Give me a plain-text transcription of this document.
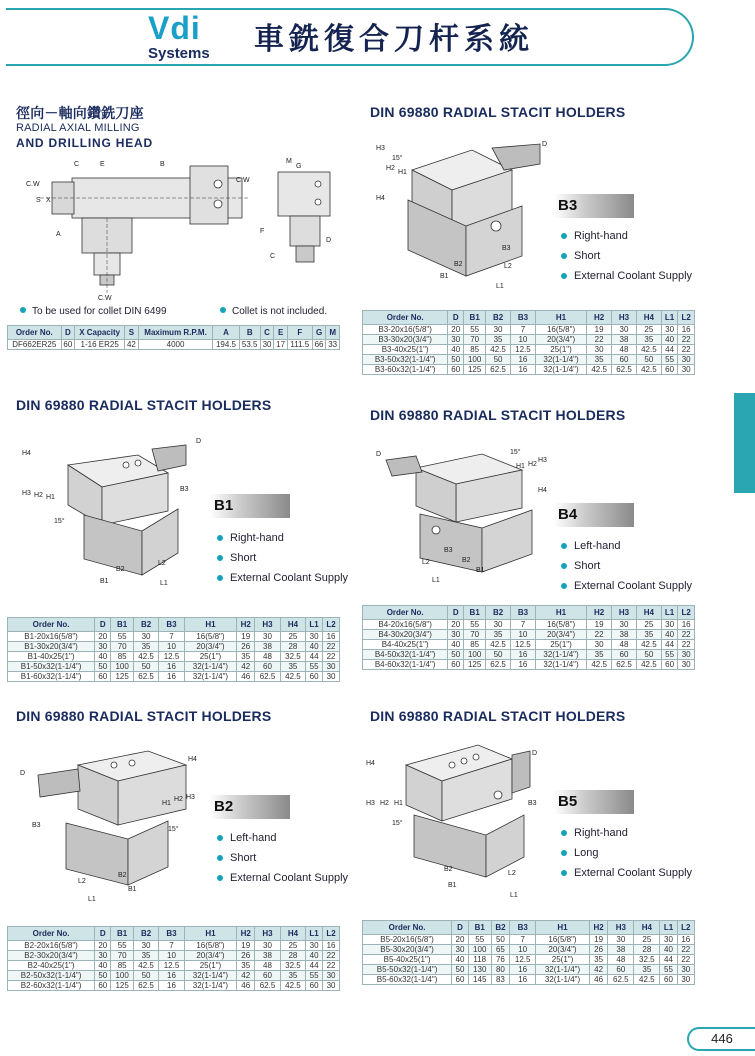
Vdi
Systems 車銑復合刀杆系統
徑向－軸向鑽銑刀座
RADIAL AXIAL MILLING
AND DRILLING HEAD
C.W
C.W
C.W
C	E	B
S X
A
M
G
F
C
D
To be used for collet DIN 6499	Collet is not included.
Order No.	D	X Capacity	S	Maximum R.P.M.	A	B	C	E	F	G	M
DF662ER25	60	1-16 ER25	42	4000	194.5	53.5	30	17	111.5	66	33
DIN 69880 RADIAL STACIT HOLDERS
H3
15°
H2
H1
H4
D
B3
B2
B1
L2
L1
B3
Right-hand
Short
External Coolant Supply
Order No.	D	B1	B2	B3	H1	H2	H3	H4	L1	L2
B3-20x16(5/8")	20	55	30	7	16(5/8")	19	30	25	30	16
B3-30x20(3/4")	30	70	35	10	20(3/4")	22	38	35	40	22
B3-40x25(1")	40	85	42.5	12.5	25(1")	30	48	42.5	44	22
B3-50x32(1-1/4")	50	100	50	16	32(1-1/4")	35	60	50	55	30
B3-60x32(1-1/4")	60	125	62.5	16	32(1-1/4")	42.5	62.5	42.5	60	30
DIN 69880 RADIAL STACIT HOLDERS
H4
H3 H2 H1
15°
D
B3
B2
B1
L2
L1
B1
Right-hand
Short
External Coolant Supply
Order No.	D	B1	B2	B3	H1	H2	H3	H4	L1	L2
B1-20x16(5/8")	20	55	30	7	16(5/8")	19	30	25	30	16
B1-30x20(3/4")	30	70	35	10	20(3/4")	26	38	28	40	22
B1-40x25(1")	40	85	42.5	12.5	25(1")	35	48	32.5	44	22
B1-50x32(1-1/4")	50	100	50	16	32(1-1/4")	42	60	35	55	30
B1-60x32(1-1/4")	60	125	62.5	16	32(1-1/4")	46	62.5	42.5	60	30
DIN 69880 RADIAL STACIT HOLDERS
D	15°
H1 H2
H3
H4
B3
B2
B1
L2
L1
B4
Left-hand
Short
External Coolant Supply
Order No.	D	B1	B2	B3	H1	H2	H3	H4	L1	L2
B4-20x16(5/8")	20	55	30	7	16(5/8")	19	30	25	30	16
B4-30x20(3/4")	30	70	35	10	20(3/4")	22	38	35	40	22
B4-40x25(1")	40	85	42.5	12.5	25(1")	30	48	42.5	44	22
B4-50x32(1-1/4")	50	100	50	16	32(1-1/4")	35	60	50	55	30
B4-60x32(1-1/4")	60	125	62.5	16	32(1-1/4")	42.5	62.5	42.5	60	30
DIN 69880 RADIAL STACIT HOLDERS
D
H4
H1
H2 H3
15°
B3
B2
B1
L2
L1
B2
Left-hand
Short
External Coolant Supply
Order No.	D	B1	B2	B3	H1	H2	H3	H4	L1	L2
B2-20x16(5/8")	20	55	30	7	16(5/8")	19	30	25	30	16
B2-30x20(3/4")	30	70	35	10	20(3/4")	26	38	28	40	22
B2-40x25(1")	40	85	42.5	12.5	25(1")	35	48	32.5	44	22
B2-50x32(1-1/4")	50	100	50	16	32(1-1/4")	42	60	35	55	30
B2-60x32(1-1/4")	60	125	62.5	16	32(1-1/4")	46	62.5	42.5	60	30
DIN 69880 RADIAL STACIT HOLDERS
H4
H3 H2 H1
15°
D
B3
B2
B1
L2
L1
B5
Right-hand
Long
External Coolant Supply
Order No.	D	B1	B2	B3	H1	H2	H3	H4	L1	L2
B5-20x16(5/8")	20	55	50	7	16(5/8")	19	30	25	30	16
B5-30x20(3/4")	30	100	65	10	20(3/4")	26	38	28	40	22
B5-40x25(1")	40	118	76	12.5	25(1")	35	48	32.5	44	22
B5-50x32(1-1/4")	50	130	80	16	32(1-1/4")	42	60	35	55	30
B5-60x32(1-1/4")	60	145	83	16	32(1-1/4")	46	62.5	42.5	60	30
446
